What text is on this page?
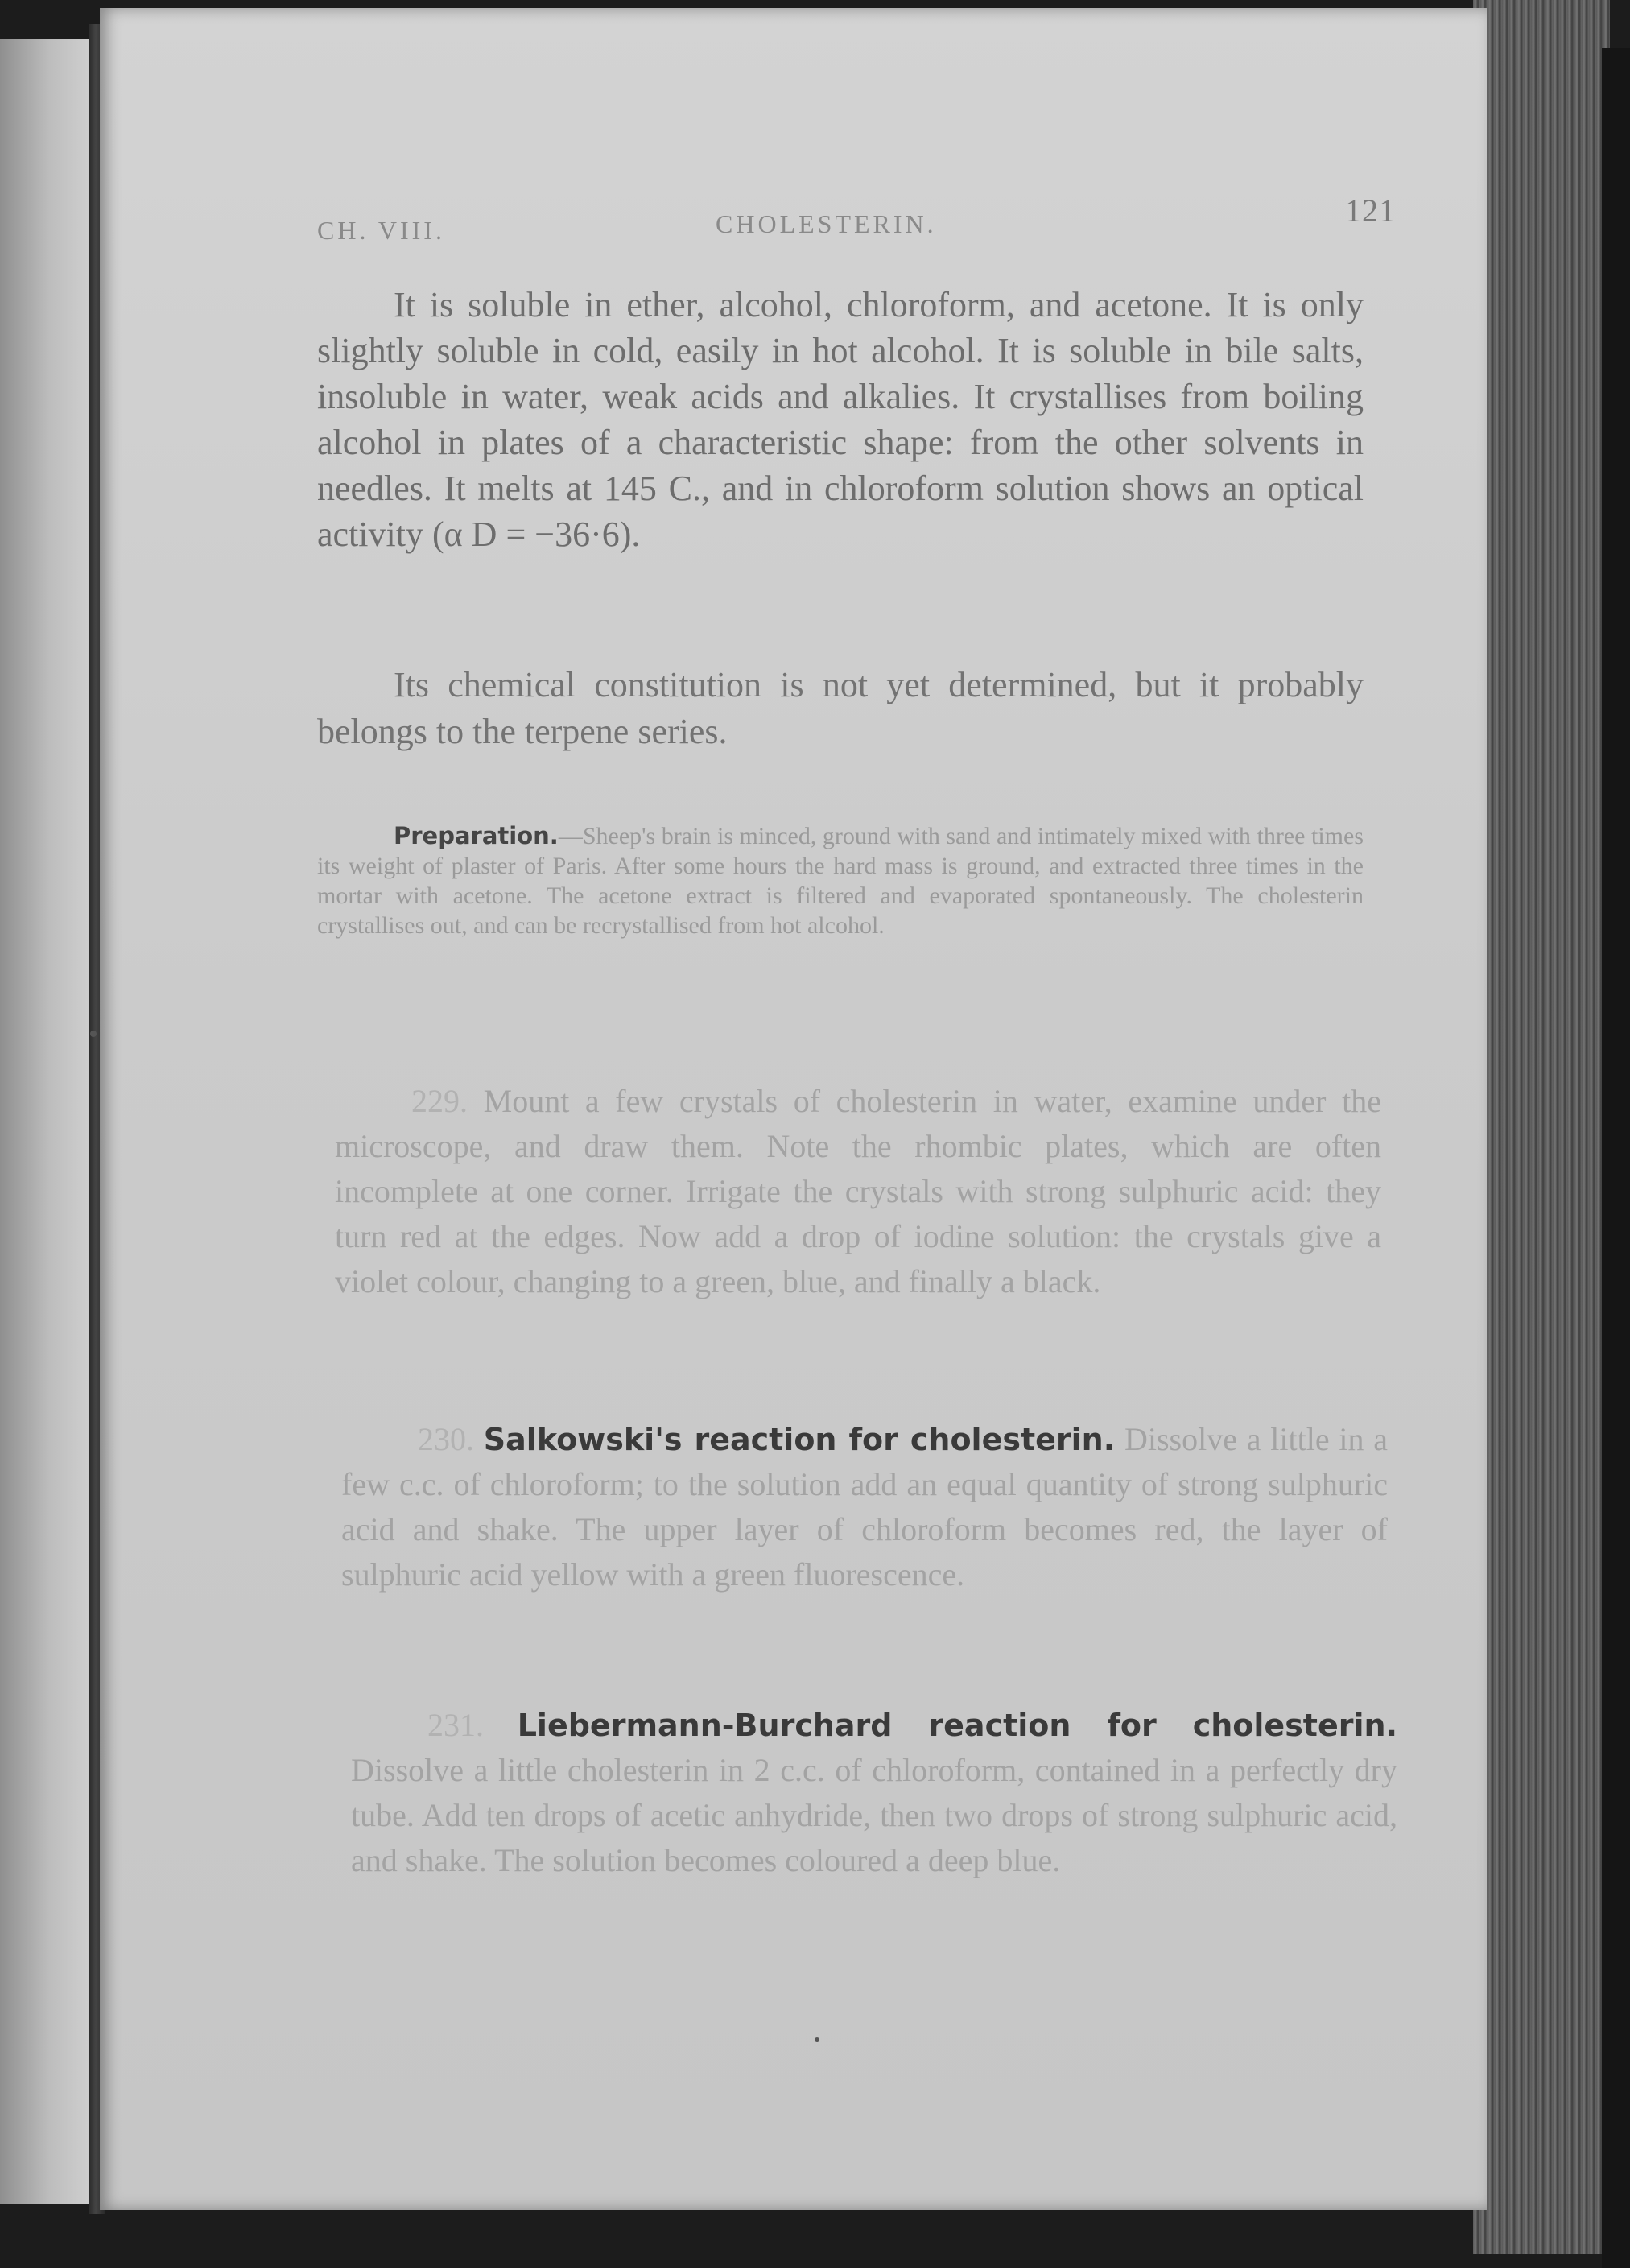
CH. VIII.	CHOLESTERIN.	121
It is soluble in ether, alcohol, chloroform, and acetone. It is only slightly soluble in cold, easily in hot alcohol. It is soluble in bile salts, insoluble in water, weak acids and alkalies. It crystallises from boiling alcohol in plates of a characteristic shape: from the other solvents in needles. It melts at 145 C., and in chloroform solution shows an optical activity (α D = −36·6).
Its chemical constitution is not yet determined, but it probably belongs to the terpene series.
Preparation.—Sheep's brain is minced, ground with sand and intimately mixed with three times its weight of plaster of Paris. After some hours the hard mass is ground, and extracted three times in the mortar with acetone. The acetone extract is filtered and evaporated spontaneously. The cholesterin crystallises out, and can be recrystallised from hot alcohol.
229. Mount a few crystals of cholesterin in water, examine under the microscope, and draw them. Note the rhombic plates, which are often incomplete at one corner. Irrigate the crystals with strong sulphuric acid: they turn red at the edges. Now add a drop of iodine solution: the crystals give a violet colour, changing to a green, blue, and finally a black.
230. Salkowski's reaction for cholesterin. Dissolve a little in a few c.c. of chloroform; to the solution add an equal quantity of strong sulphuric acid and shake. The upper layer of chloroform becomes red, the layer of sulphuric acid yellow with a green fluorescence.
231. Liebermann-Burchard reaction for cholesterin. Dissolve a little cholesterin in 2 c.c. of chloroform, contained in a perfectly dry tube. Add ten drops of acetic anhydride, then two drops of strong sulphuric acid, and shake. The solution becomes coloured a deep blue.
